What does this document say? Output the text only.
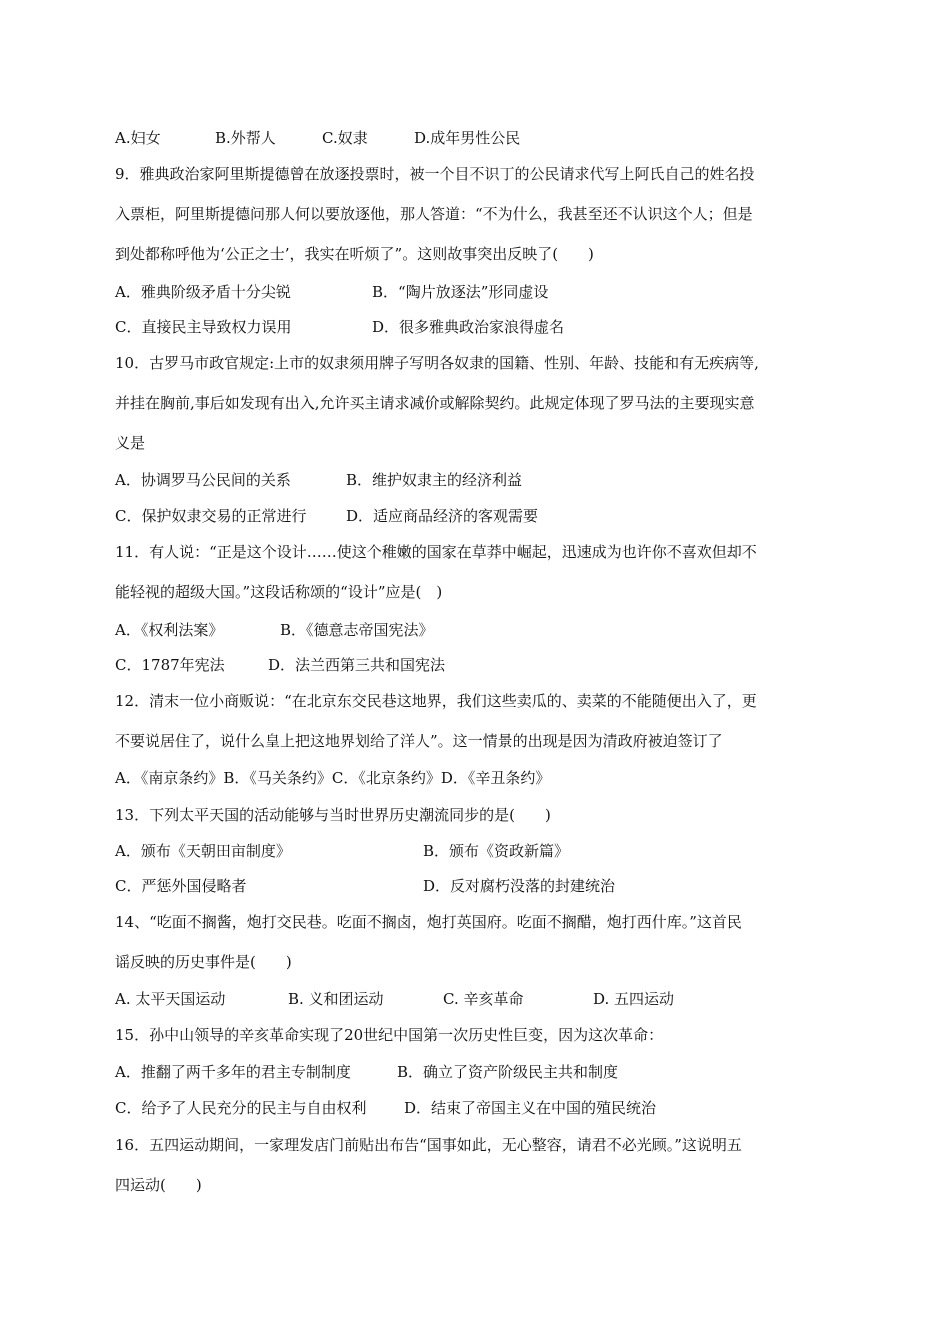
A.妇女	B.外帮人	C.奴隶	D.成年男性公民
9．雅典政治家阿里斯提德曾在放逐投票时，被一个目不识丁的公民请求代写上阿氏自己的姓名投
入票柜，阿里斯提德问那人何以要放逐他，那人答道：“不为什么，我甚至还不认识这个人；但是
到处都称呼他为‘公正之士’，我实在听烦了”。这则故事突出反映了(　　)
A．雅典阶级矛盾十分尖锐	B．“陶片放逐法”形同虚设
C．直接民主导致权力误用	D．很多雅典政治家浪得虚名
10．古罗马市政官规定:上市的奴隶须用牌子写明各奴隶的国籍、性别、年龄、技能和有无疾病等,
并挂在胸前,事后如发现有出入,允许买主请求减价或解除契约。此规定体现了罗马法的主要现实意
义是
A．协调罗马公民间的关系	B．维护奴隶主的经济利益
C．保护奴隶交易的正常进行	D．适应商品经济的客观需要
11．有人说：“正是这个设计……使这个稚嫩的国家在草莽中崛起，迅速成为也许你不喜欢但却不
能轻视的超级大国。”这段话称颂的“设计”应是(　)
A．《权利法案》	B．《德意志帝国宪法》
C．1787年宪法	D．法兰西第三共和国宪法
12．清末一位小商贩说：“在北京东交民巷这地界，我们这些卖瓜的、卖菜的不能随便出入了，更
不要说居住了，说什么皇上把这地界划给了洋人”。这一情景的出现是因为清政府被迫签订了
A．《南京条约》B．《马关条约》C．《北京条约》D．《辛丑条约》
13．下列太平天国的活动能够与当时世界历史潮流同步的是(　　)
A．颁布《天朝田亩制度》	B．颁布《资政新篇》
C．严惩外国侵略者	D．反对腐朽没落的封建统治
14、“吃面不搁酱，炮打交民巷。吃面不搁卤，炮打英国府。吃面不搁醋，炮打西什库。”这首民
谣反映的历史事件是(　　)
A. 太平天国运动	B. 义和团运动	C. 辛亥革命	D. 五四运动
15．孙中山领导的辛亥革命实现了20世纪中国第一次历史性巨变，因为这次革命：
A．推翻了两千多年的君主专制制度	B．确立了资产阶级民主共和制度
C．给予了人民充分的民主与自由权利	D．结束了帝国主义在中国的殖民统治
16．五四运动期间，一家理发店门前贴出布告“国事如此，无心整容，请君不必光顾。”这说明五
四运动(　　)
